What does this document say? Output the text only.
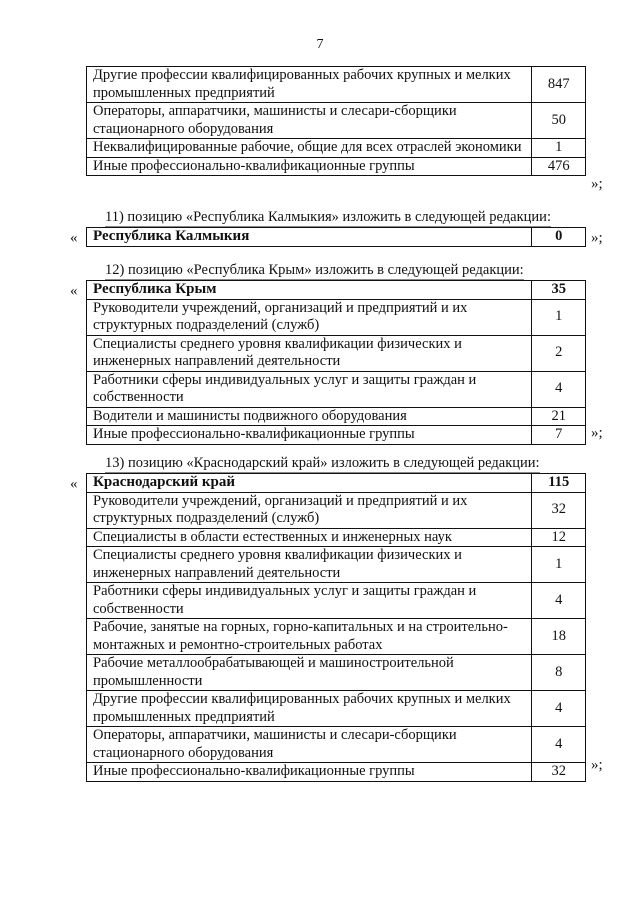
7
Другие профессии квалифицированных рабочих крупных и мелких промышленных предприятий	847
Операторы, аппаратчики, машинисты и слесари-сборщики стационарного оборудования	50
Неквалифицированные рабочие, общие для всех отраслей экономики	1
Иные профессионально-квалификационные группы	476
»;
11) позицию «Республика Калмыкия» изложить в следующей редакции:
« Республика Калмыкия	0 »;
12) позицию «Республика Крым» изложить в следующей редакции:
« Республика Крым	35
Руководители учреждений, организаций и предприятий и их структурных подразделений (служб)	1
Специалисты среднего уровня квалификации физических и инженерных направлений деятельности	2
Работники сферы индивидуальных услуг и защиты граждан и собственности	4
Водители и машинисты подвижного оборудования	21
Иные профессионально-квалификационные группы	7 »;
13) позицию «Краснодарский край» изложить в следующей редакции:
« Краснодарский край	115
Руководители учреждений, организаций и предприятий и их структурных подразделений (служб)	32
Специалисты в области естественных и инженерных наук	12
Специалисты среднего уровня квалификации физических и инженерных направлений деятельности	1
Работники сферы индивидуальных услуг и защиты граждан и собственности	4
Рабочие, занятые на горных, горно-капитальных и на строительно-монтажных и ремонтно-строительных работах	18
Рабочие металлообрабатывающей и машиностроительной промышленности	8
Другие профессии квалифицированных рабочих крупных и мелких промышленных предприятий	4
Операторы, аппаратчики, машинисты и слесари-сборщики стационарного оборудования	4
Иные профессионально-квалификационные группы	32 »;
